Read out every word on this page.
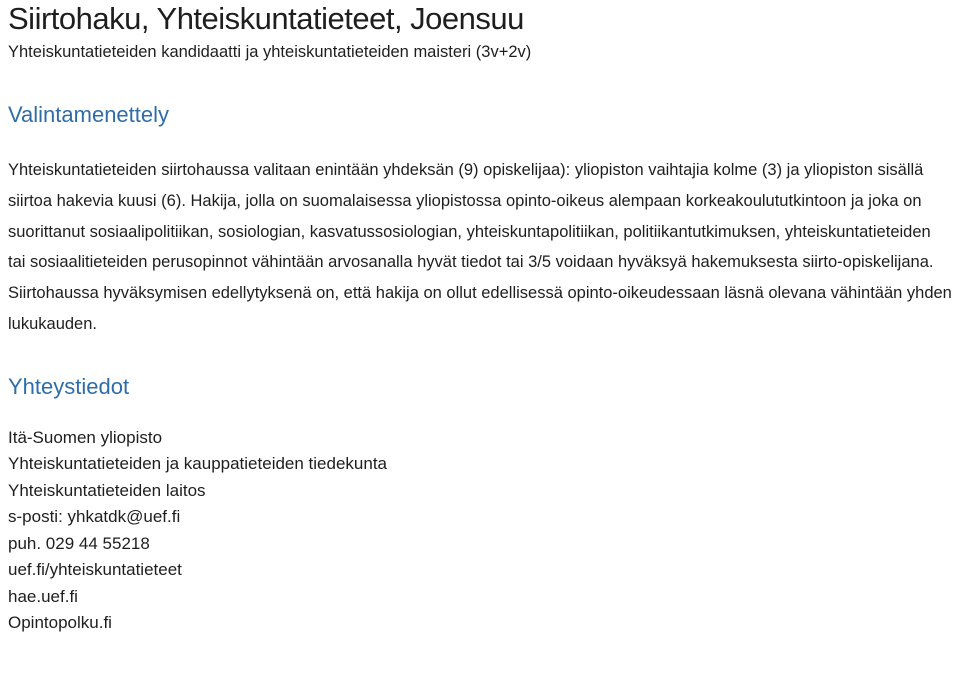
Siirtohaku, Yhteiskuntatieteet, Joensuu
Yhteiskuntatieteiden kandidaatti ja yhteiskuntatieteiden maisteri (3v+2v)
Valintamenettely

Yhteiskuntatieteiden siirtohaussa valitaan enintään yhdeksän (9) opiskelijaa): yliopiston vaihtajia kolme (3) ja yliopiston sisällä siirtoa hakevia kuusi (6). Hakija, jolla on suomalaisessa yliopistossa opinto-oikeus alempaan korkeakoulututkintoon ja joka on suorittanut sosiaalipolitiikan, sosiologian, kasvatussosiologian, yhteiskuntapolitiikan, politiikantutkimuksen, yhteiskuntatieteiden tai sosiaalitieteiden perusopinnot vähintään arvosanalla hyvät tiedot tai 3/5 voidaan hyväksyä hakemuksesta siirto-opiskelijana. Siirtohaussa hyväksymisen edellytyksenä on, että hakija on ollut edellisessä opinto-oikeudessaan läsnä olevana vähintään yhden lukukauden.

Yhteystiedot
Itä-Suomen yliopisto
Yhteiskuntatieteiden ja kauppatieteiden tiedekunta
Yhteiskuntatieteiden laitos
s-posti: yhkatdk@uef.fi
puh. 029 44 55218
uef.fi/yhteiskuntatieteet
hae.uef.fi
Opintopolku.fi
